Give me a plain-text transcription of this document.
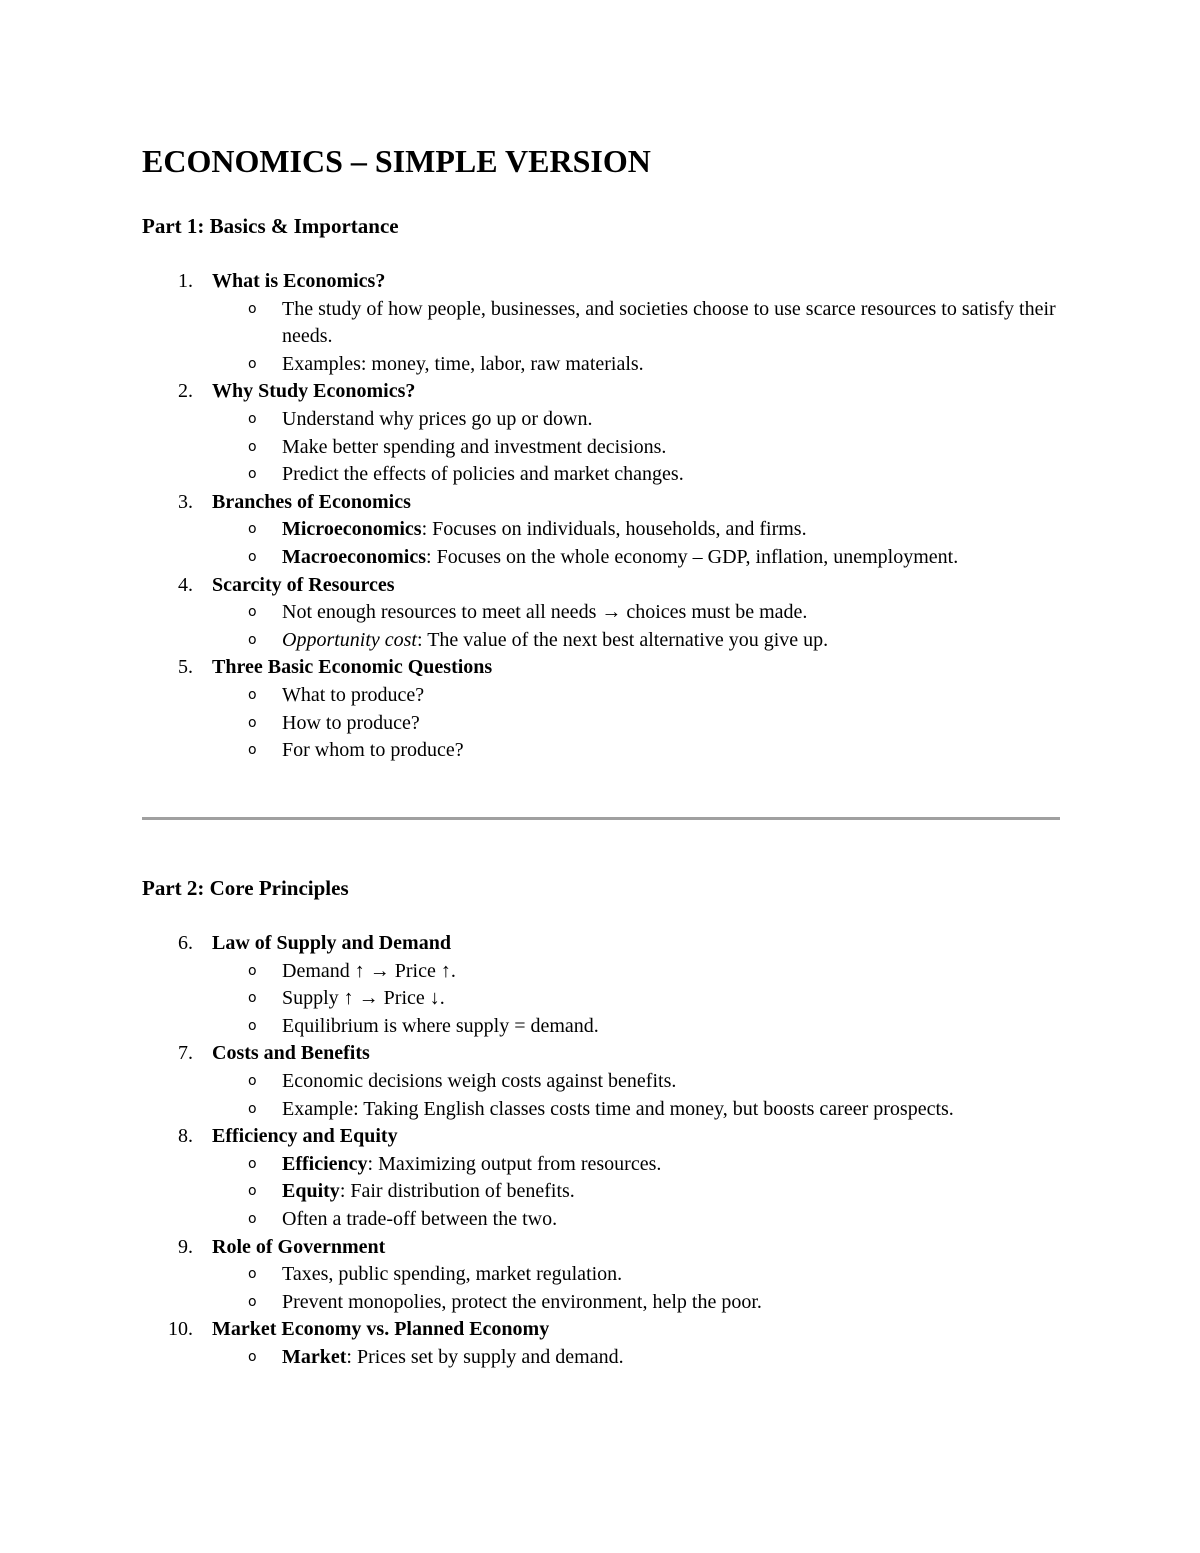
ECONOMICS – SIMPLE VERSION
Part 1: Basics & Importance
1. What is Economics?
o The study of how people, businesses, and societies choose to use scarce resources to satisfy their needs.
o Examples: money, time, labor, raw materials.
2. Why Study Economics?
o Understand why prices go up or down.
o Make better spending and investment decisions.
o Predict the effects of policies and market changes.
3. Branches of Economics
o Microeconomics: Focuses on individuals, households, and firms.
o Macroeconomics: Focuses on the whole economy – GDP, inflation, unemployment.
4. Scarcity of Resources
o Not enough resources to meet all needs → choices must be made.
o Opportunity cost: The value of the next best alternative you give up.
5. Three Basic Economic Questions
o What to produce?
o How to produce?
o For whom to produce?
Part 2: Core Principles
6. Law of Supply and Demand
o Demand ↑ → Price ↑.
o Supply ↑ → Price ↓.
o Equilibrium is where supply = demand.
7. Costs and Benefits
o Economic decisions weigh costs against benefits.
o Example: Taking English classes costs time and money, but boosts career prospects.
8. Efficiency and Equity
o Efficiency: Maximizing output from resources.
o Equity: Fair distribution of benefits.
o Often a trade-off between the two.
9. Role of Government
o Taxes, public spending, market regulation.
o Prevent monopolies, protect the environment, help the poor.
10. Market Economy vs. Planned Economy
o Market: Prices set by supply and demand.
